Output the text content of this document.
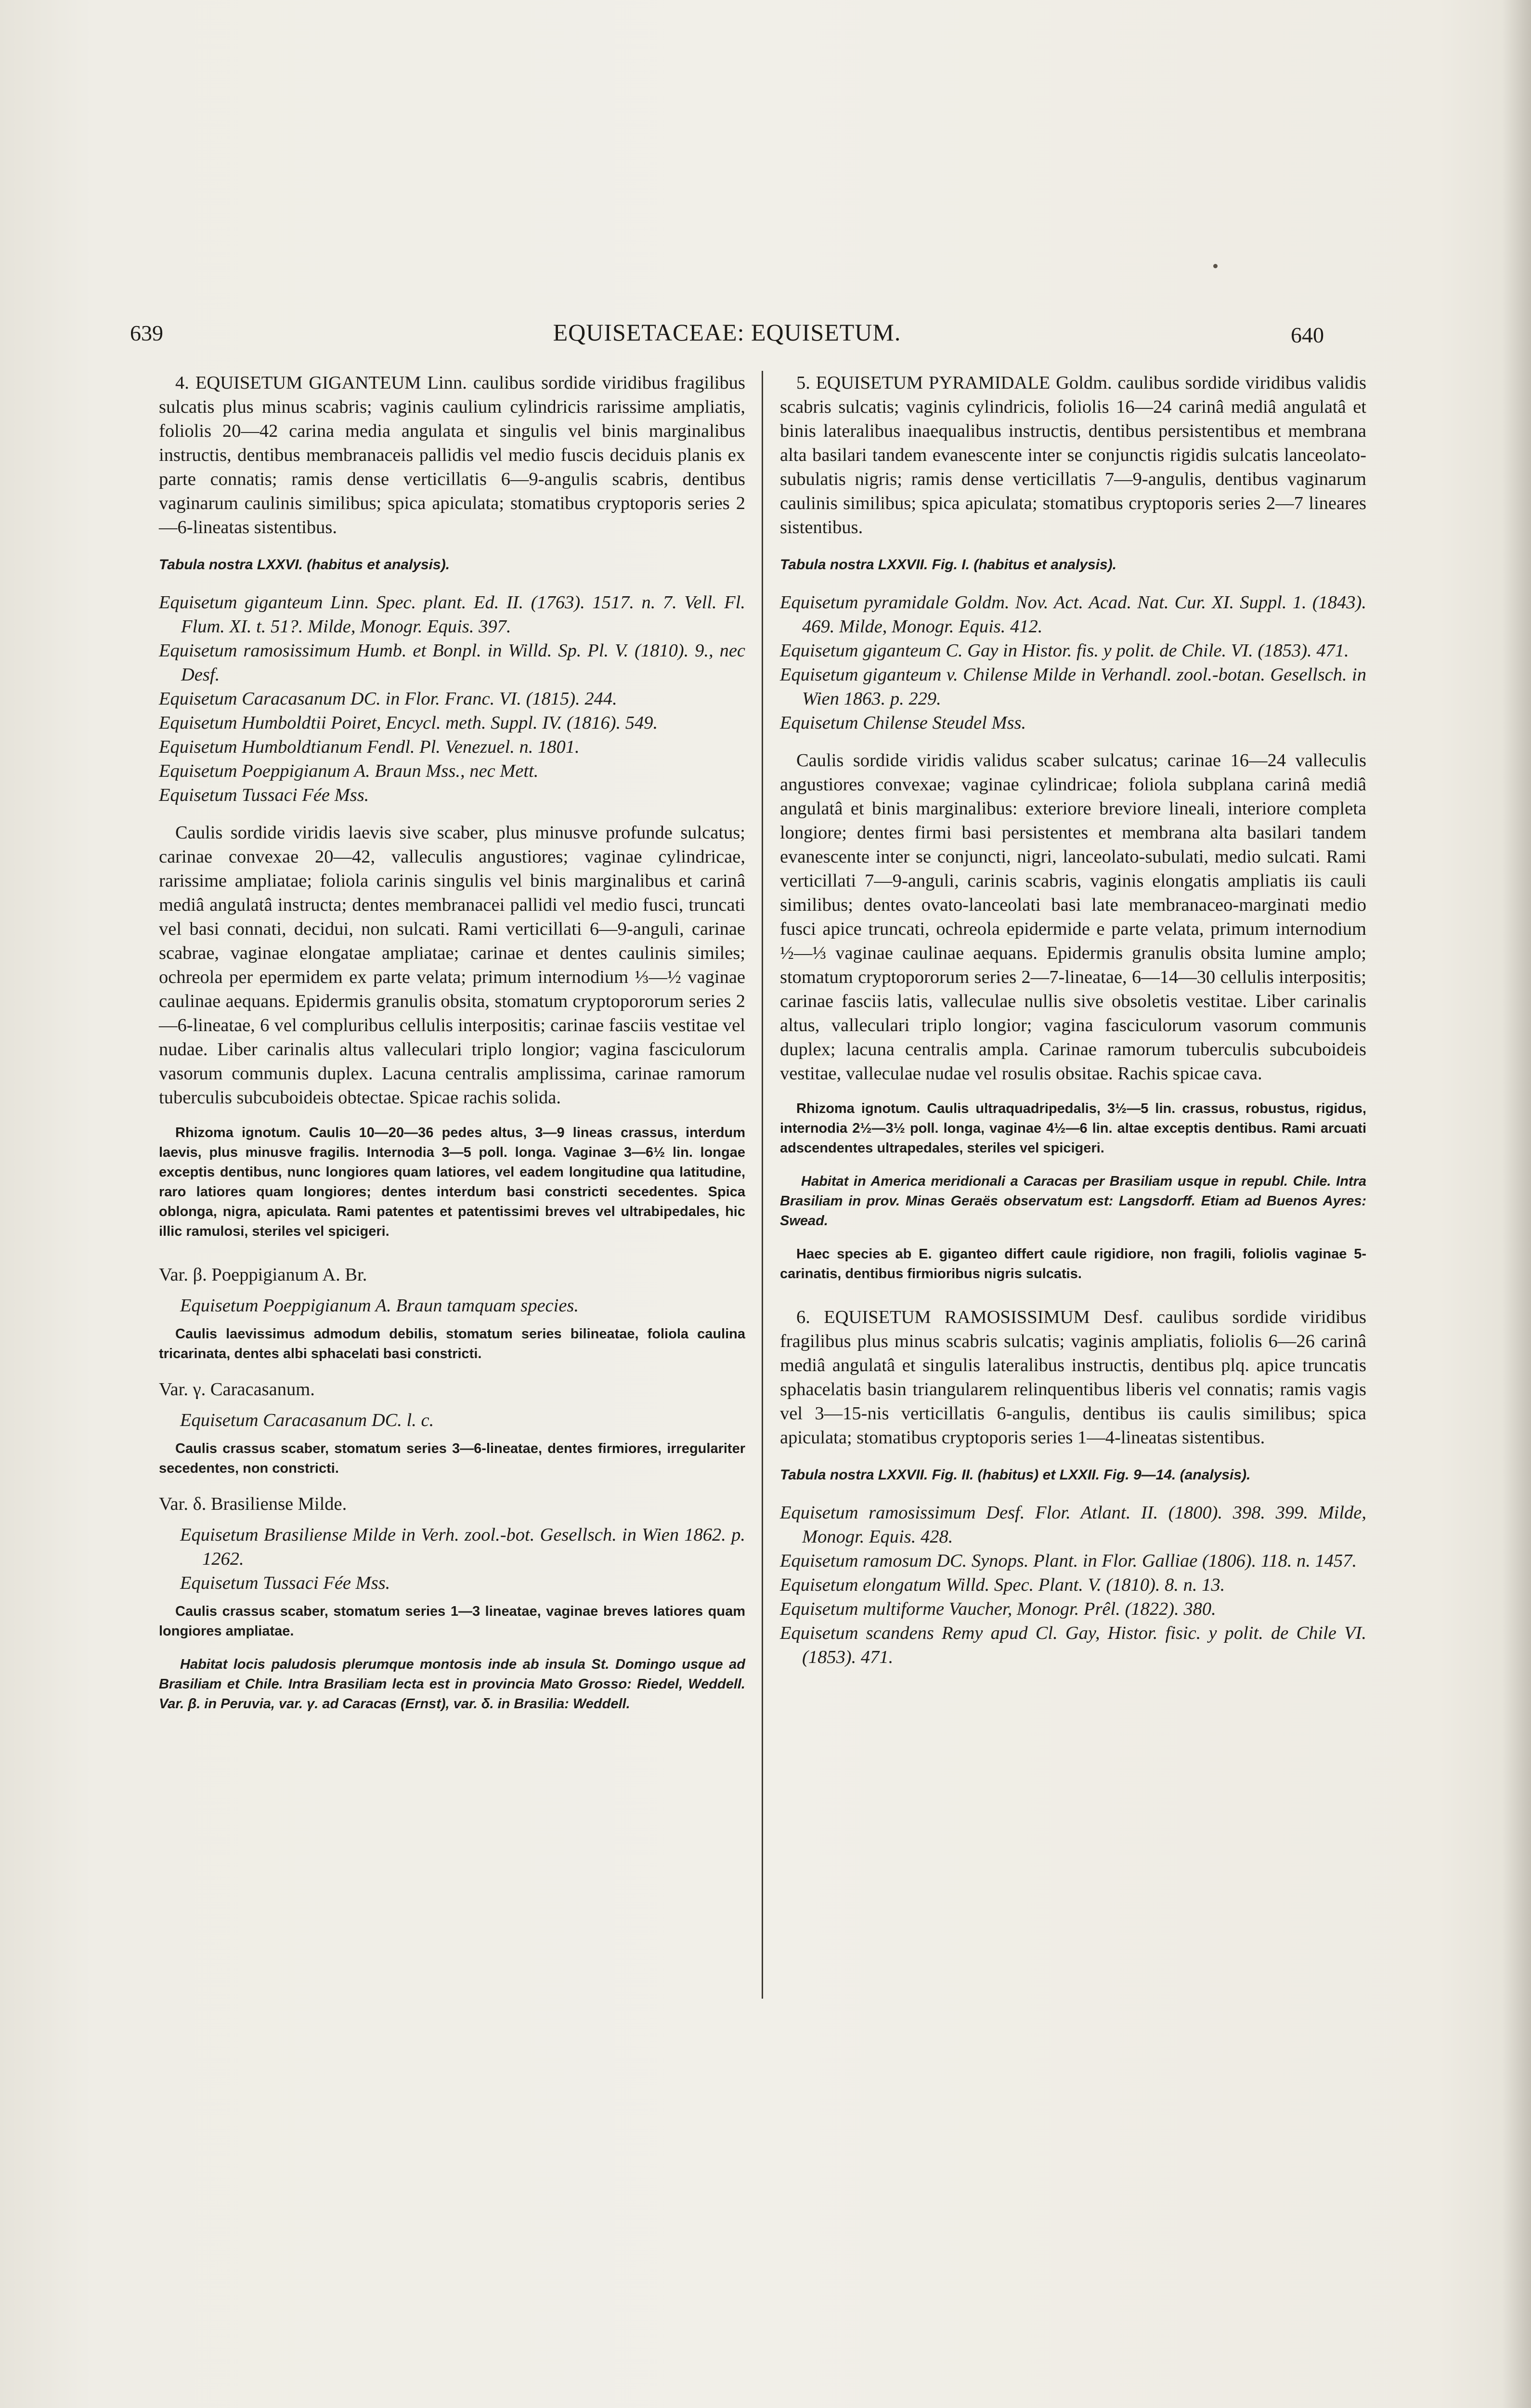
639	EQUISETACEAE: EQUISETUM.	640

4. EQUISETUM GIGANTEUM Linn. caulibus sordide viridibus fragilibus sulcatis plus minus scabris; vaginis caulium cylindricis rarissime ampliatis, foliolis 20—42 carina media angulata et singulis vel binis marginalibus instructis, dentibus membranaceis pallidis vel medio fuscis deciduis planis ex parte connatis; ramis dense verticillatis 6—9-angulis scabris, dentibus vaginarum caulinis similibus; spica apiculata; stomatibus cryptoporis series 2—6-lineatas sistentibus.

Tabula nostra LXXVI. (habitus et analysis).

Equisetum giganteum Linn. Spec. plant. Ed. II. (1763). 1517. n. 7. Vell. Fl. Flum. XI. t. 51?. Milde, Monogr. Equis. 397.

Equisetum ramosissimum Humb. et Bonpl. in Willd. Sp. Pl. V. (1810). 9., nec Desf.

Equisetum Caracasanum DC. in Flor. Franc. VI. (1815). 244.

Equisetum Humboldtii Poiret, Encycl. meth. Suppl. IV. (1816). 549.

Equisetum Humboldtianum Fendl. Pl. Venezuel. n. 1801.

Equisetum Poeppigianum A. Braun Mss., nec Mett.

Equisetum Tussaci Fée Mss.

Caulis sordide viridis laevis sive scaber, plus minusve profunde sulcatus; carinae convexae 20—42, valleculis angustiores; vaginae cylindricae, rarissime ampliatae; foliola carinis singulis vel binis marginalibus et carinâ mediâ angulatâ instructa; dentes membranacei pallidi vel medio fusci, truncati vel basi connati, decidui, non sulcati. Rami verticillati 6—9-anguli, carinae scabrae, vaginae elongatae ampliatae; carinae et dentes caulinis similes; ochreola per epermidem ex parte velata; primum internodium ⅓—½ vaginae caulinae aequans. Epidermis granulis obsita, stomatum cryptopororum series 2—6-lineatae, 6 vel compluribus cellulis interpositis; carinae fasciis vestitae vel nudae. Liber carinalis altus valleculari triplo longior; vagina fasciculorum vasorum communis duplex. Lacuna centralis amplissima, carinae ramorum tuberculis subcuboideis obtectae. Spicae rachis solida.

Rhizoma ignotum. Caulis 10—20—36 pedes altus, 3—9 lineas crassus, interdum laevis, plus minusve fragilis. Internodia 3—5 poll. longa. Vaginae 3—6½ lin. longae exceptis dentibus, nunc longiores quam latiores, vel eadem longitudine qua latitudine, raro latiores quam longiores; dentes interdum basi constricti secedentes. Spica oblonga, nigra, apiculata. Rami patentes et patentissimi breves vel ultrabipedales, hic illic ramulosi, steriles vel spicigeri.

Var. β. Poeppigianum A. Br.

Equisetum Poeppigianum A. Braun tamquam species.

Caulis laevissimus admodum debilis, stomatum series bilineatae, foliola caulina tricarinata, dentes albi sphacelati basi constricti.

Var. γ. Caracasanum.

Equisetum Caracasanum DC. l. c.

Caulis crassus scaber, stomatum series 3—6-lineatae, dentes firmiores, irregulariter secedentes, non constricti.

Var. δ. Brasiliense Milde.

Equisetum Brasiliense Milde in Verh. zool.-bot. Gesellsch. in Wien 1862. p. 1262.

Equisetum Tussaci Fée Mss.

Caulis crassus scaber, stomatum series 1—3 lineatae, vaginae breves latiores quam longiores ampliatae.

Habitat locis paludosis plerumque montosis inde ab insula St. Domingo usque ad Brasiliam et Chile. Intra Brasiliam lecta est in provincia Mato Grosso: Riedel, Weddell. Var. β. in Peruvia, var. γ. ad Caracas (Ernst), var. δ. in Brasilia: Weddell.

5. EQUISETUM PYRAMIDALE Goldm. caulibus sordide viridibus validis scabris sulcatis; vaginis cylindricis, foliolis 16—24 carinâ mediâ angulatâ et binis lateralibus inaequalibus instructis, dentibus persistentibus et membrana alta basilari tandem evanescente inter se conjunctis rigidis sulcatis lanceolato-subulatis nigris; ramis dense verticillatis 7—9-angulis, dentibus vaginarum caulinis similibus; spica apiculata; stomatibus cryptoporis series 2—7 lineares sistentibus.

Tabula nostra LXXVII. Fig. I. (habitus et analysis).

Equisetum pyramidale Goldm. Nov. Act. Acad. Nat. Cur. XI. Suppl. 1. (1843). 469. Milde, Monogr. Equis. 412.

Equisetum giganteum C. Gay in Histor. fis. y polit. de Chile. VI. (1853). 471.

Equisetum giganteum v. Chilense Milde in Verhandl. zool.-botan. Gesellsch. in Wien 1863. p. 229.

Equisetum Chilense Steudel Mss.

Caulis sordide viridis validus scaber sulcatus; carinae 16—24 valleculis angustiores convexae; vaginae cylindricae; foliola subplana carinâ mediâ angulatâ et binis marginalibus: exteriore breviore lineali, interiore completa longiore; dentes firmi basi persistentes et membrana alta basilari tandem evanescente inter se conjuncti, nigri, lanceolato-subulati, medio sulcati. Rami verticillati 7—9-anguli, carinis scabris, vaginis elongatis ampliatis iis cauli similibus; dentes ovato-lanceolati basi late membranaceo-marginati medio fusci apice truncati, ochreola epidermide e parte velata, primum internodium ½—⅓ vaginae caulinae aequans. Epidermis granulis obsita lumine amplo; stomatum cryptopororum series 2—7-lineatae, 6—14—30 cellulis interpositis; carinae fasciis latis, valleculae nullis sive obsoletis vestitae. Liber carinalis altus, valleculari triplo longior; vagina fasciculorum vasorum communis duplex; lacuna centralis ampla. Carinae ramorum tuberculis subcuboideis vestitae, valleculae nudae vel rosulis obsitae. Rachis spicae cava.

Rhizoma ignotum. Caulis ultraquadripedalis, 3½—5 lin. crassus, robustus, rigidus, internodia 2½—3½ poll. longa, vaginae 4½—6 lin. altae exceptis dentibus. Rami arcuati adscendentes ultrapedales, steriles vel spicigeri.

Habitat in America meridionali a Caracas per Brasiliam usque in republ. Chile. Intra Brasiliam in prov. Minas Geraës observatum est: Langsdorff. Etiam ad Buenos Ayres: Swead.

Haec species ab E. giganteo differt caule rigidiore, non fragili, foliolis vaginae 5-carinatis, dentibus firmioribus nigris sulcatis.

6. EQUISETUM RAMOSISSIMUM Desf. caulibus sordide viridibus fragilibus plus minus scabris sulcatis; vaginis ampliatis, foliolis 6—26 carinâ mediâ angulatâ et singulis lateralibus instructis, dentibus plq. apice truncatis sphacelatis basin triangularem relinquentibus liberis vel connatis; ramis vagis vel 3—15-nis verticillatis 6-angulis, dentibus iis caulis similibus; spica apiculata; stomatibus cryptoporis series 1—4-lineatas sistentibus.

Tabula nostra LXXVII. Fig. II. (habitus) et LXXII. Fig. 9—14. (analysis).

Equisetum ramosissimum Desf. Flor. Atlant. II. (1800). 398. 399. Milde, Monogr. Equis. 428.

Equisetum ramosum DC. Synops. Plant. in Flor. Galliae (1806). 118. n. 1457.

Equisetum elongatum Willd. Spec. Plant. V. (1810). 8. n. 13.

Equisetum multiforme Vaucher, Monogr. Prêl. (1822). 380.

Equisetum scandens Remy apud Cl. Gay, Histor. fisic. y polit. de Chile VI. (1853). 471.
